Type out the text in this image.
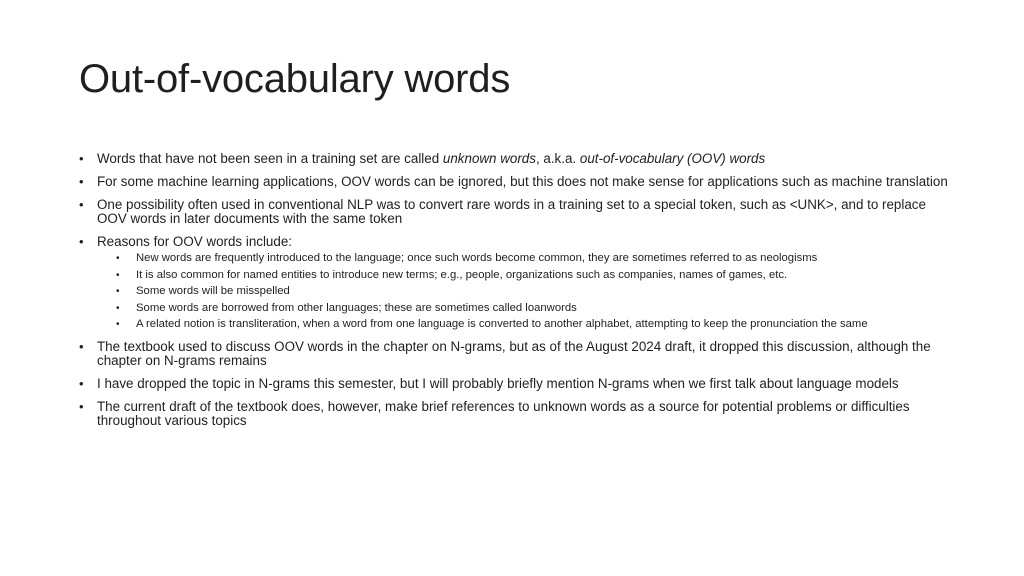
Out-of-vocabulary words
•	Words that have not been seen in a training set are called unknown words, a.k.a. out-of-vocabulary (OOV) words
•	For some machine learning applications, OOV words can be ignored, but this does not make sense for applications such as machine translation
•	One possibility often used in conventional NLP was to convert rare words in a training set to a special token, such as <UNK>, and to replace OOV words in later documents with the same token
•	Reasons for OOV words include:
• New words are frequently introduced to the language; once such words become common, they are sometimes referred to as neologisms
• It is also common for named entities to introduce new terms; e.g., people, organizations such as companies, names of games, etc.
• Some words will be misspelled
• Some words are borrowed from other languages; these are sometimes called loanwords
• A related notion is transliteration, when a word from one language is converted to another alphabet, attempting to keep the pronunciation the same
•	The textbook used to discuss OOV words in the chapter on N-grams, but as of the August 2024 draft, it dropped this discussion, although the chapter on N-grams remains
•	I have dropped the topic in N-grams this semester, but I will probably briefly mention N-grams when we first talk about language models
•	The current draft of the textbook does, however, make brief references to unknown words as a source for potential problems or difficulties throughout various topics
